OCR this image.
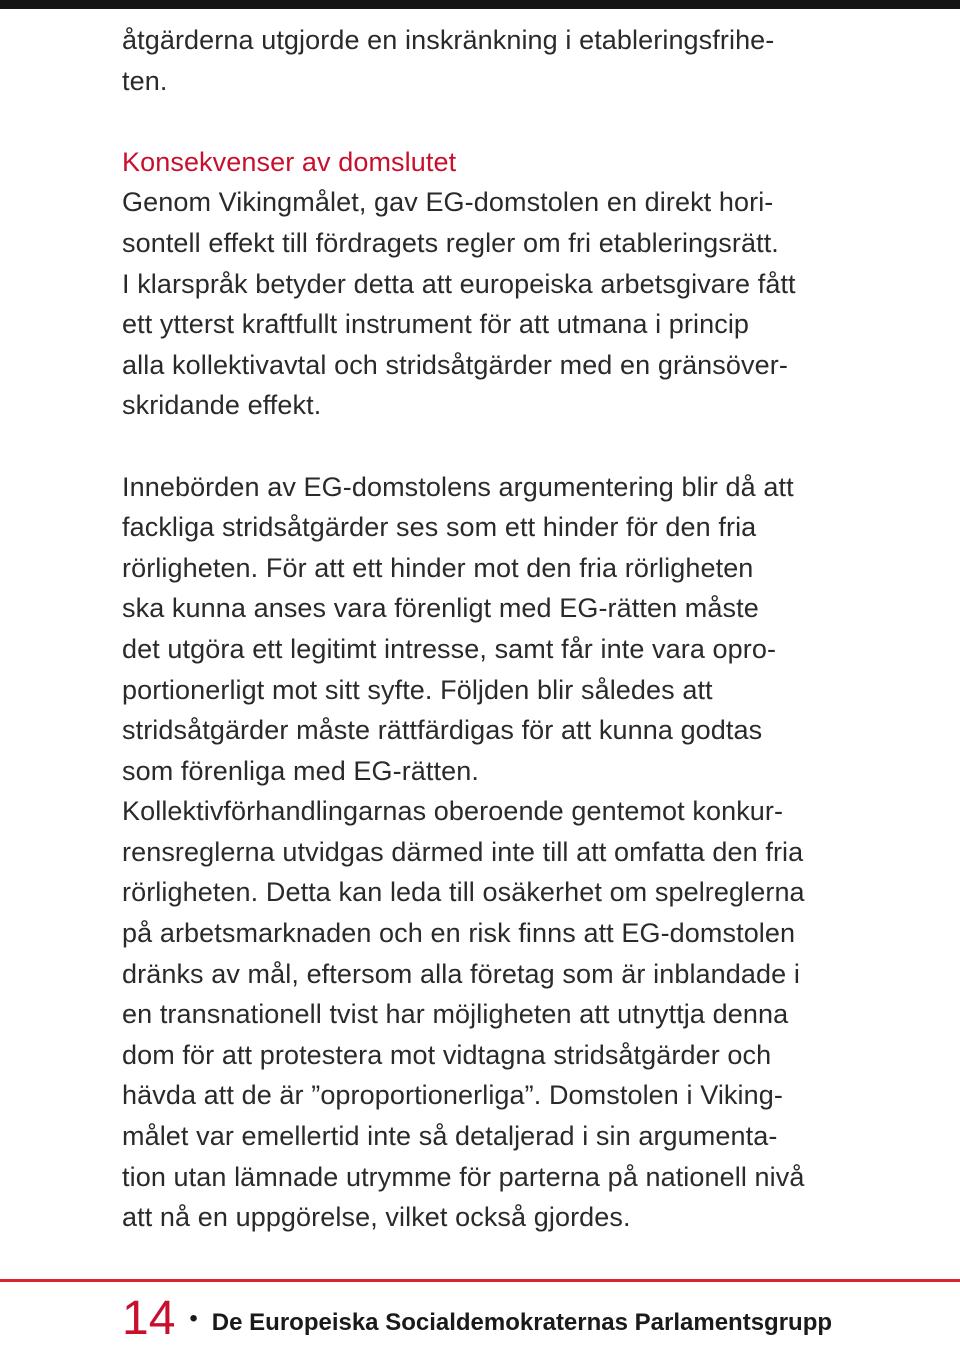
åtgärderna utgjorde en inskränkning i etableringsfrihe-
ten.

Konsekvenser av domslutet

Genom Vikingmålet, gav EG-domstolen en direkt hori-
sontell effekt till fördragets regler om fri etableringsrätt.
I klarspråk betyder detta att europeiska arbetsgivare fått
ett ytterst kraftfullt instrument för att utmana i princip
alla kollektivavtal och stridsåtgärder med en gränsöver-
skridande effekt.

Innebörden av EG-domstolens argumentering blir då att
fackliga stridsåtgärder ses som ett hinder för den fria
rörligheten. För att ett hinder mot den fria rörligheten
ska kunna anses vara förenligt med EG-rätten måste
det utgöra ett legitimt intresse, samt får inte vara opro-
portionerligt mot sitt syfte. Följden blir således att
stridsåtgärder måste rättfärdigas för att kunna godtas
som förenliga med EG-rätten.

Kollektivförhandlingarnas oberoende gentemot konkur-
rensreglerna utvidgas därmed inte till att omfatta den fria
rörligheten. Detta kan leda till osäkerhet om spelreglerna
på arbetsmarknaden och en risk finns att EG-domstolen
dränks av mål, eftersom alla företag som är inblandade i
en transnationell tvist har möjligheten att utnyttja denna
dom för att protestera mot vidtagna stridsåtgärder och
hävda att de är ”oproportionerliga”. Domstolen i Viking-
målet var emellertid inte så detaljerad i sin argumenta-
tion utan lämnade utrymme för parterna på nationell nivå
att nå en uppgörelse, vilket också gjordes.

14 • De Europeiska Socialdemokraternas Parlamentsgrupp
